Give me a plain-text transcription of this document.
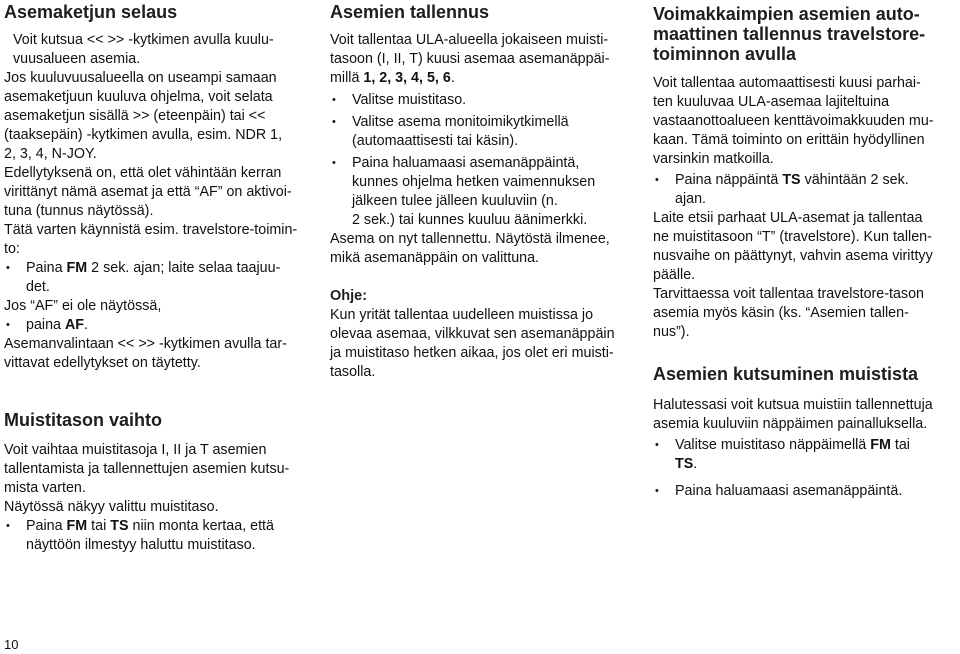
Asemaketjun selaus

Voit kutsua << >> -kytkimen avulla kuulu-
vuusalueen asemia.

Jos kuuluvuusalueella on useampi samaan
asemaketjuun kuuluva ohjelma, voit selata
asemaketjun sisällä >> (eteenpäin) tai <<
(taaksepäin) -kytkimen avulla, esim. NDR 1,
2, 3, 4, N-JOY.

Edellytyksenä on, että olet vähintään kerran
virittänyt nämä asemat ja että “AF” on aktivoi-
tuna (tunnus näytössä).

Tätä varten käynnistä esim. travelstore-toimin-
to:

• Paina FM 2 sek. ajan; laite selaa taajuu-
det.

Jos “AF” ei ole näytössä,

• paina AF.

Asemanvalintaan << >> -kytkimen avulla tar-
vittavat edellytykset on täytetty.

Muistitason vaihto

Voit vaihtaa muistitasoja I, II ja T asemien
tallentamista ja tallennettujen asemien kutsu-
mista varten.

Näytössä näkyy valittu muistitaso.

• Paina FM tai TS niin monta kertaa, että
näyttöön ilmestyy haluttu muistitaso.
Asemien tallennus

Voit tallentaa ULA-alueella jokaiseen muisti-
tasoon (I, II, T) kuusi asemaa asemanäppäi-
millä 1, 2, 3, 4, 5, 6.

• Valitse muistitaso.
• Valitse asema monitoimikytkimellä
(automaattisesti tai käsin).
• Paina haluamaasi asemanäppäintä,
kunnes ohjelma hetken vaimennuksen
jälkeen tulee jälleen kuuluviin (n.
2 sek.) tai kunnes kuuluu äänimerkki.

Asema on nyt tallennettu. Näytöstä ilmenee,
mikä asemanäppäin on valittuna.

Ohje:

Kun yrität tallentaa uudelleen muistissa jo
olevaa asemaa, vilkkuvat sen asemanäppäin
ja muistitaso hetken aikaa, jos olet eri muisti-
tasolla.

Voimakkaimpien asemien auto-
maattinen tallennus travelstore-
toiminnon avulla

Voit tallentaa automaattisesti kuusi parhai-
ten kuuluvaa ULA-asemaa lajiteltuina
vastaanottoalueen kenttävoimakkuuden mu-
kaan. Tämä toiminto on erittäin hyödyllinen
varsinkin matkoilla.

• Paina näppäintä TS vähintään 2 sek.
ajan.

Laite etsii parhaat ULA-asemat ja tallentaa
ne muistitasoon “T” (travelstore). Kun tallen-
nusvaihe on päättynyt, vahvin asema virittyy
päälle.

Tarvittaessa voit tallentaa travelstore-tason
asemia myös käsin (ks. “Asemien tallen-
nus”).

Asemien kutsuminen muistista

Halutessasi voit kutsua muistiin tallennettuja
asemia kuuluviin näppäimen painalluksella.

• Valitse muistitaso näppäimellä FM tai
TS.
• Paina haluamaasi asemanäppäintä.
10
